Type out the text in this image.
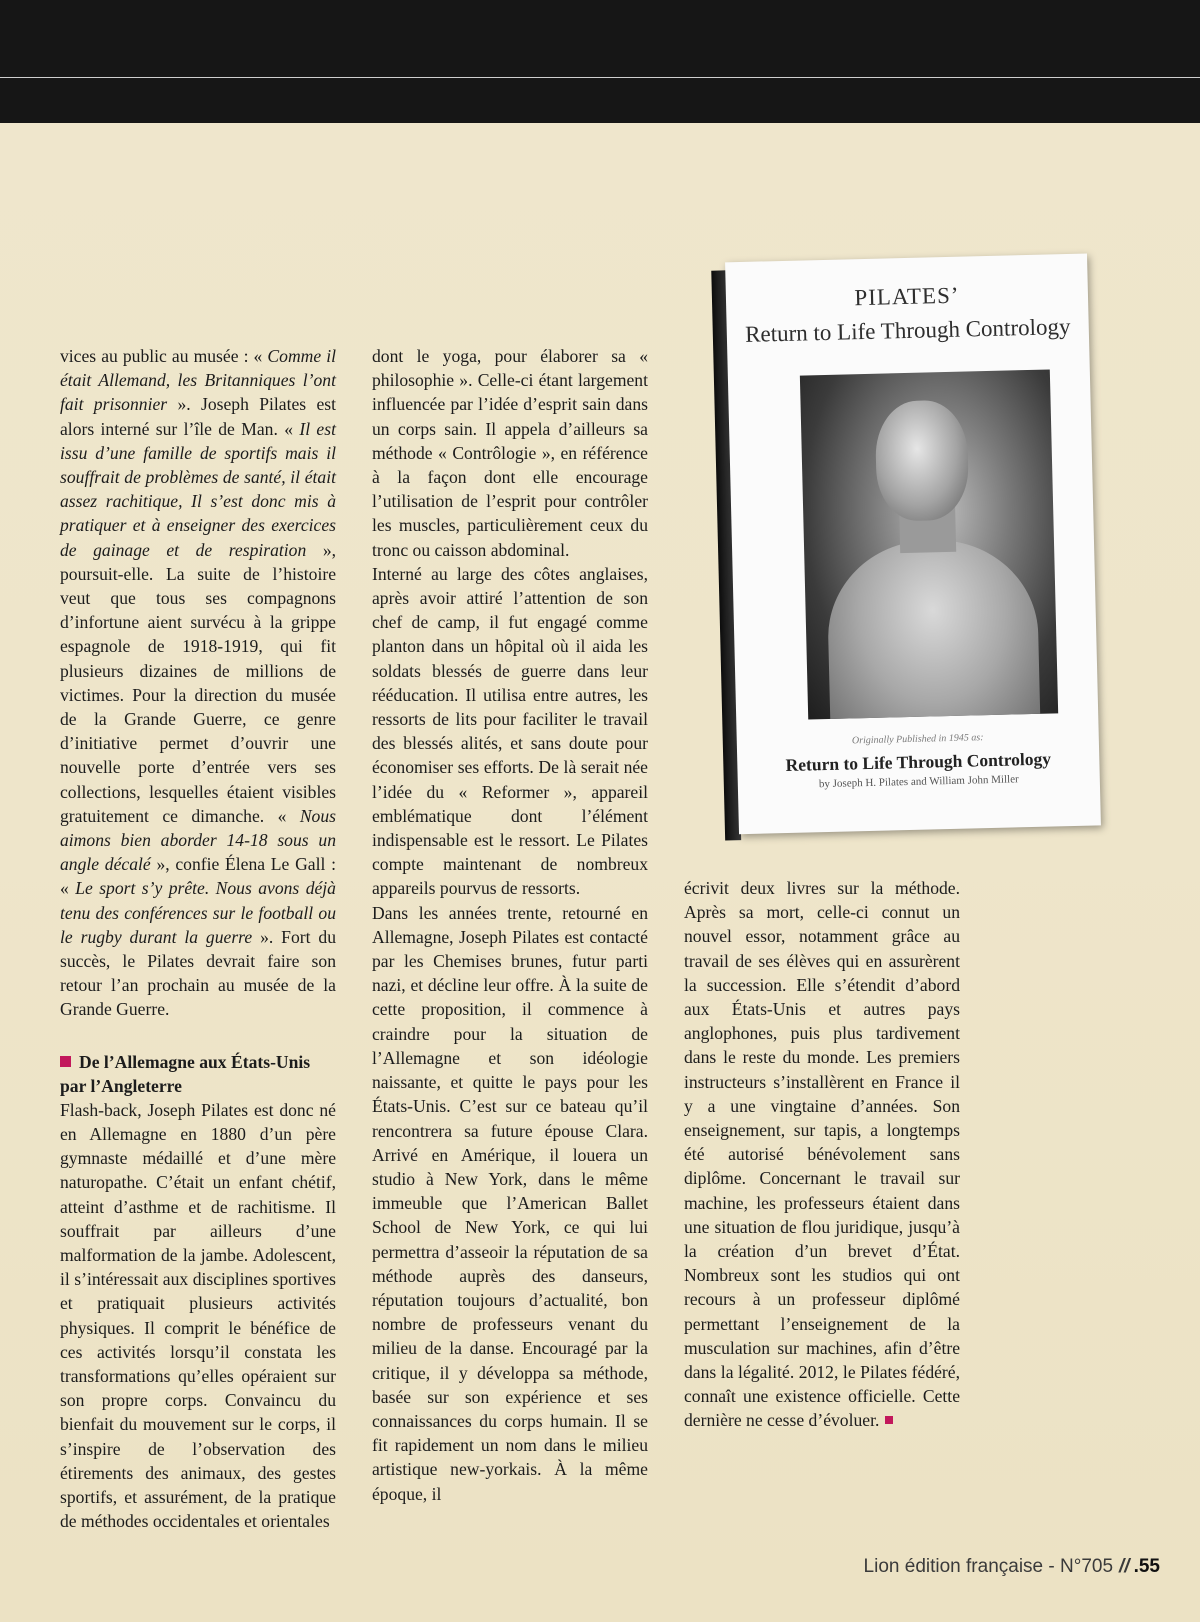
vices au public au musée : « Comme il était Allemand, les Britanniques l’ont fait prisonnier ». Joseph Pilates est alors interné sur l’île de Man. « Il est issu d’une famille de sportifs mais il souffrait de problèmes de santé, il était assez rachitique, Il s’est donc mis à pratiquer et à enseigner des exercices de gainage et de respiration », poursuit-elle. La suite de l’histoire veut que tous ses compagnons d’infortune aient survécu à la grippe espagnole de 1918-1919, qui fit plusieurs dizaines de millions de victimes. Pour la direction du musée de la Grande Guerre, ce genre d’initiative permet d’ouvrir une nouvelle porte d’entrée vers ses collections, lesquelles étaient visibles gratuitement ce dimanche. « Nous aimons bien aborder 14-18 sous un angle décalé », confie Élena Le Gall : « Le sport s’y prête. Nous avons déjà tenu des conférences sur le football ou le rugby durant la guerre ». Fort du succès, le Pilates devrait faire son retour l’an prochain au musée de la Grande Guerre.

De l’Allemagne aux États-Unis par l’Angleterre

Flash-back, Joseph Pilates est donc né en Allemagne en 1880 d’un père gymnaste médaillé et d’une mère naturopathe. C’était un enfant chétif, atteint d’asthme et de rachitisme. Il souffrait par ailleurs d’une malformation de la jambe. Adolescent, il s’intéressait aux disciplines sportives et pratiquait plusieurs activités physiques. Il comprit le bénéfice de ces activités lorsqu’il constata les transformations qu’elles opéraient sur son propre corps. Convaincu du bienfait du mouvement sur le corps, il s’inspire de l’observation des étirements des animaux, des gestes sportifs, et assurément, de la pratique de méthodes occidentales et orientales

dont le yoga, pour élaborer sa « philosophie ». Celle-ci étant largement influencée par l’idée d’esprit sain dans un corps sain. Il appela d’ailleurs sa méthode « Contrôlogie », en référence à la façon dont elle encourage l’utilisation de l’esprit pour contrôler les muscles, particulièrement ceux du tronc ou caisson abdominal.

Interné au large des côtes anglaises, après avoir attiré l’attention de son chef de camp, il fut engagé comme planton dans un hôpital où il aida les soldats blessés de guerre dans leur rééducation. Il utilisa entre autres, les ressorts de lits pour faciliter le travail des blessés alités, et sans doute pour économiser ses efforts. De là serait née l’idée du « Reformer », appareil emblématique dont l’élément indispensable est le ressort. Le Pilates compte maintenant de nombreux appareils pourvus de ressorts.

Dans les années trente, retourné en Allemagne, Joseph Pilates est contacté par les Chemises brunes, futur parti nazi, et décline leur offre. À la suite de cette proposition, il commence à craindre pour la situation de l’Allemagne et son idéologie naissante, et quitte le pays pour les États-Unis. C’est sur ce bateau qu’il rencontrera sa future épouse Clara. Arrivé en Amérique, il louera un studio à New York, dans le même immeuble que l’American Ballet School de New York, ce qui lui permettra d’asseoir la réputation de sa méthode auprès des danseurs, réputation toujours d’actualité, bon nombre de professeurs venant du milieu de la danse. Encouragé par la critique, il y développa sa méthode, basée sur son expérience et ses connaissances du corps humain. Il se fit rapidement un nom dans le milieu artistique new-yorkais. À la même époque, il

écrivit deux livres sur la méthode. Après sa mort, celle-ci connut un nouvel essor, notamment grâce au travail de ses élèves qui en assurèrent la succession. Elle s’étendit d’abord aux États-Unis et autres pays anglophones, puis plus tardivement dans le reste du monde. Les premiers instructeurs s’installèrent en France il y a une vingtaine d’années. Son enseignement, sur tapis, a longtemps été autorisé bénévolement sans diplôme. Concernant le travail sur machine, les professeurs étaient dans une situation de flou juridique, jusqu’à la création d’un brevet d’État. Nombreux sont les studios qui ont recours à un professeur diplômé permettant l’enseignement de la musculation sur machines, afin d’être dans la légalité. 2012, le Pilates fédéré, connaît une existence officielle. Cette dernière ne cesse d’évoluer.

PILATES’
Return to Life Through Contrology
Originally Published in 1945 as:
Return to Life Through Contrology
by Joseph H. Pilates and William John Miller
Lion édition française - N°705 // .55
